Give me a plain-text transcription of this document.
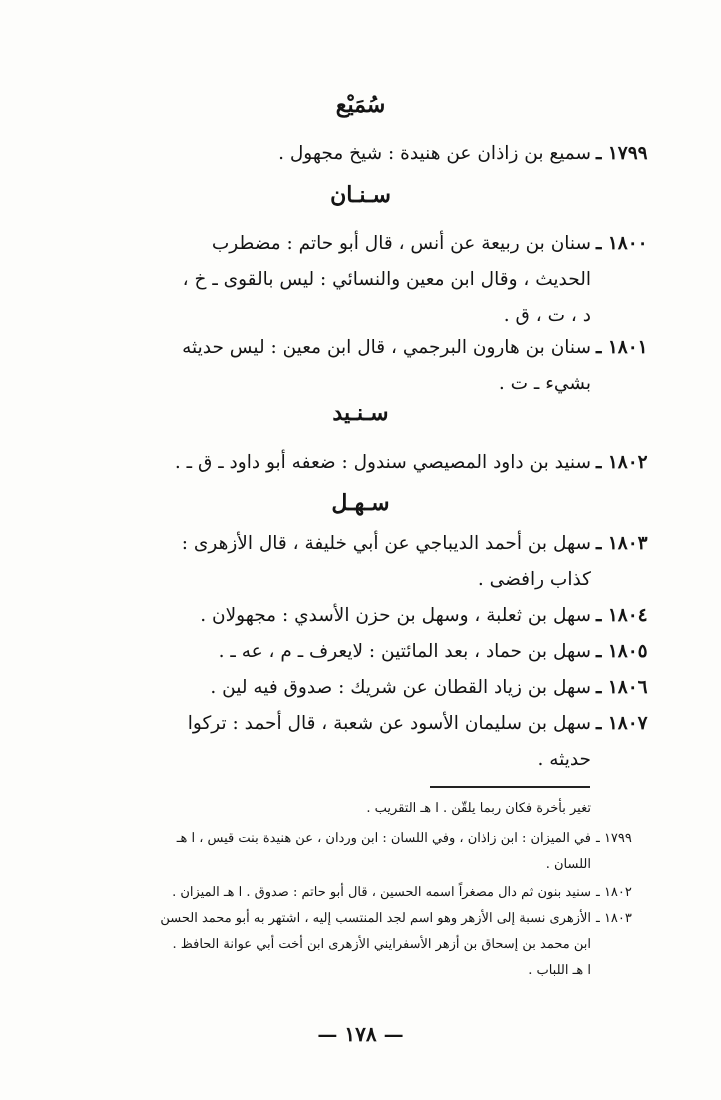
سُمَيْع
١٧٩٩ ـ
سميع بن زاذان عن هنيدة : شيخ مجهول .
سـنـان
١٨٠٠ ـ
سنان بن ربيعة عن أنس ، قال أبو حاتم : مضطرب
الحديث ، وقال ابن معين والنسائي : ليس بالقوى ـ خ ،
د ، ت ، ق .
١٨٠١ ـ
سنان بن هارون البرجمي ، قال ابن معين : ليس حديثه
بشيء ـ ت .
سـنـيد
١٨٠٢ ـ
سنيد بن داود المصيصي سندول : ضعفه أبو داود ـ ق ـ .
سـهـل
١٨٠٣ ـ
سهل بن أحمد الديباجي عن أبي خليفة ، قال الأزهرى :
كذاب رافضى .
١٨٠٤ ـ
سهل بن ثعلبة ، وسهل بن حزن الأسدي : مجهولان .
١٨٠٥ ـ
سهل بن حماد ، بعد المائتين : لايعرف ـ م ، عه ـ .
١٨٠٦ ـ
سهل بن زياد القطان عن شريك : صدوق فيه لين .
١٨٠٧ ـ
سهل بن سليمان الأسود عن شعبة ، قال أحمد : تركوا
حديثه .
تغير بأخرة فكان ربما يلقّن . ا هـ التقريب .
١٧٩٩ ـ
في الميزان : ابن زاذان ، وفي اللسان : ابن وردان ، عن هنيدة بنت قيس ، ا هـ
اللسان .
١٨٠٢ ـ
سنيد بنون ثم دال مصغراً اسمه الحسين ، قال أبو حاتم : صدوق . ا هـ الميزان .
١٨٠٣ ـ
الأزهرى نسبة إلى الأزهر وهو اسم لجد المنتسب إليه ، اشتهر به أبو محمد الحسن
ابن محمد بن إسحاق بن أزهر الأسفرايني الأزهرى ابن أخت أبي عوانة الحافظ .
ا هـ اللباب .
— ١٧٨ —
